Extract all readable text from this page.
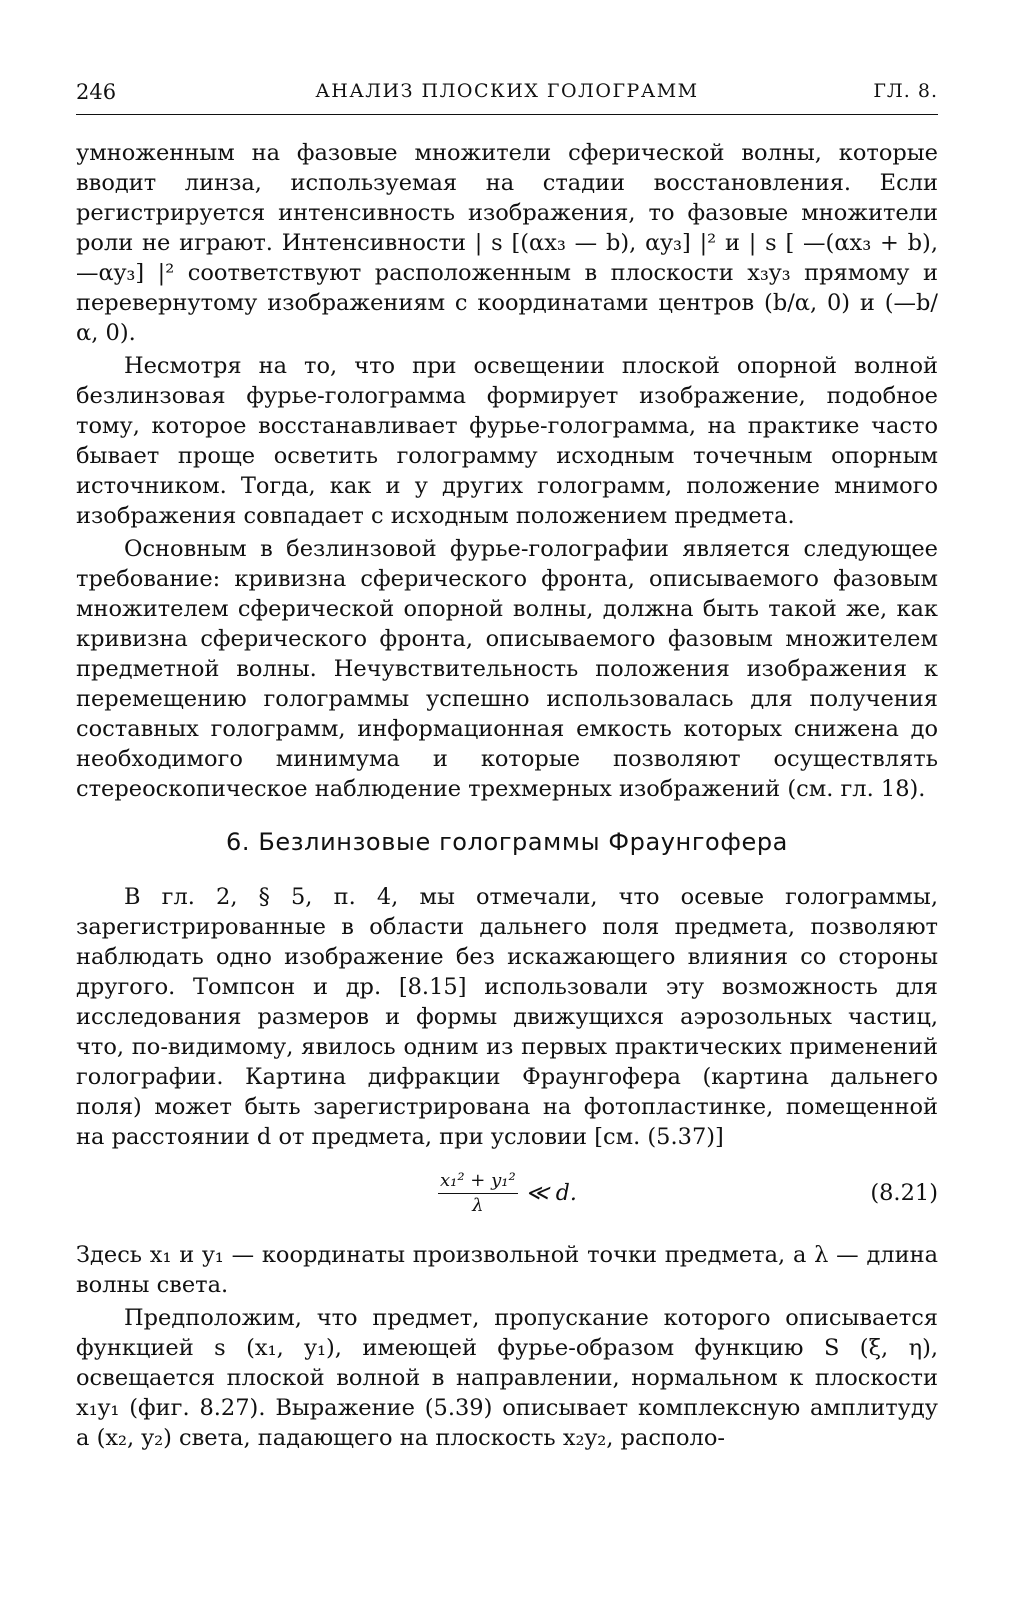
246	АНАЛИЗ ПЛОСКИХ ГОЛОГРАММ	ГЛ. 8.

умноженным на фазовые множители сферической волны, которые вводит линза, используемая на стадии восстановления. Если регистрируется интенсивность изображения, то фазовые множители роли не играют. Интенсивности | s [(αx₃ — b), αy₃] |² и | s [ —(αx₃ + b), —αy₃] |² соответствуют расположенным в плоскости x₃y₃ прямому и перевернутому изображениям с координатами центров (b/α, 0) и (—b/α, 0).

Несмотря на то, что при освещении плоской опорной волной безлинзовая фурье-голограмма формирует изображение, подобное тому, которое восстанавливает фурье-голограмма, на практике часто бывает проще осветить голограмму исходным точечным опорным источником. Тогда, как и у других голограмм, положение мнимого изображения совпадает с исходным положением предмета.

Основным в безлинзовой фурье-голографии является следующее требование: кривизна сферического фронта, описываемого фазовым множителем сферической опорной волны, должна быть такой же, как кривизна сферического фронта, описываемого фазовым множителем предметной волны. Нечувствительность положения изображения к перемещению голограммы успешно использовалась для получения составных голограмм, информационная емкость которых снижена до необходимого минимума и которые позволяют осуществлять стереоскопическое наблюдение трехмерных изображений (см. гл. 18).

6. Безлинзовые голограммы Фраунгофера

В гл. 2, § 5, п. 4, мы отмечали, что осевые голограммы, зарегистрированные в области дальнего поля предмета, позволяют наблюдать одно изображение без искажающего влияния со стороны другого. Томпсон и др. [8.15] использовали эту возможность для исследования размеров и формы движущихся аэрозольных частиц, что, по-видимому, явилось одним из первых практических применений голографии. Картина дифракции Фраунгофера (картина дальнего поля) может быть зарегистрирована на фотопластинке, помещенной на расстоянии d от предмета, при условии [см. (5.37)]

$\frac{\text{x₁² + y₁²}}{\lambda}$ ≪ d.	(8.21)

Здесь x₁ и y₁ — координаты произвольной точки предмета, а λ — длина волны света.

Предположим, что предмет, пропускание которого описывается функцией s (x₁, y₁), имеющей фурье-образом функцию S (ξ, η), освещается плоской волной в направлении, нормальном к плоскости x₁y₁ (фиг. 8.27). Выражение (5.39) описывает комплексную амплитуду a (x₂, y₂) света, падающего на плоскость x₂y₂, располо-
